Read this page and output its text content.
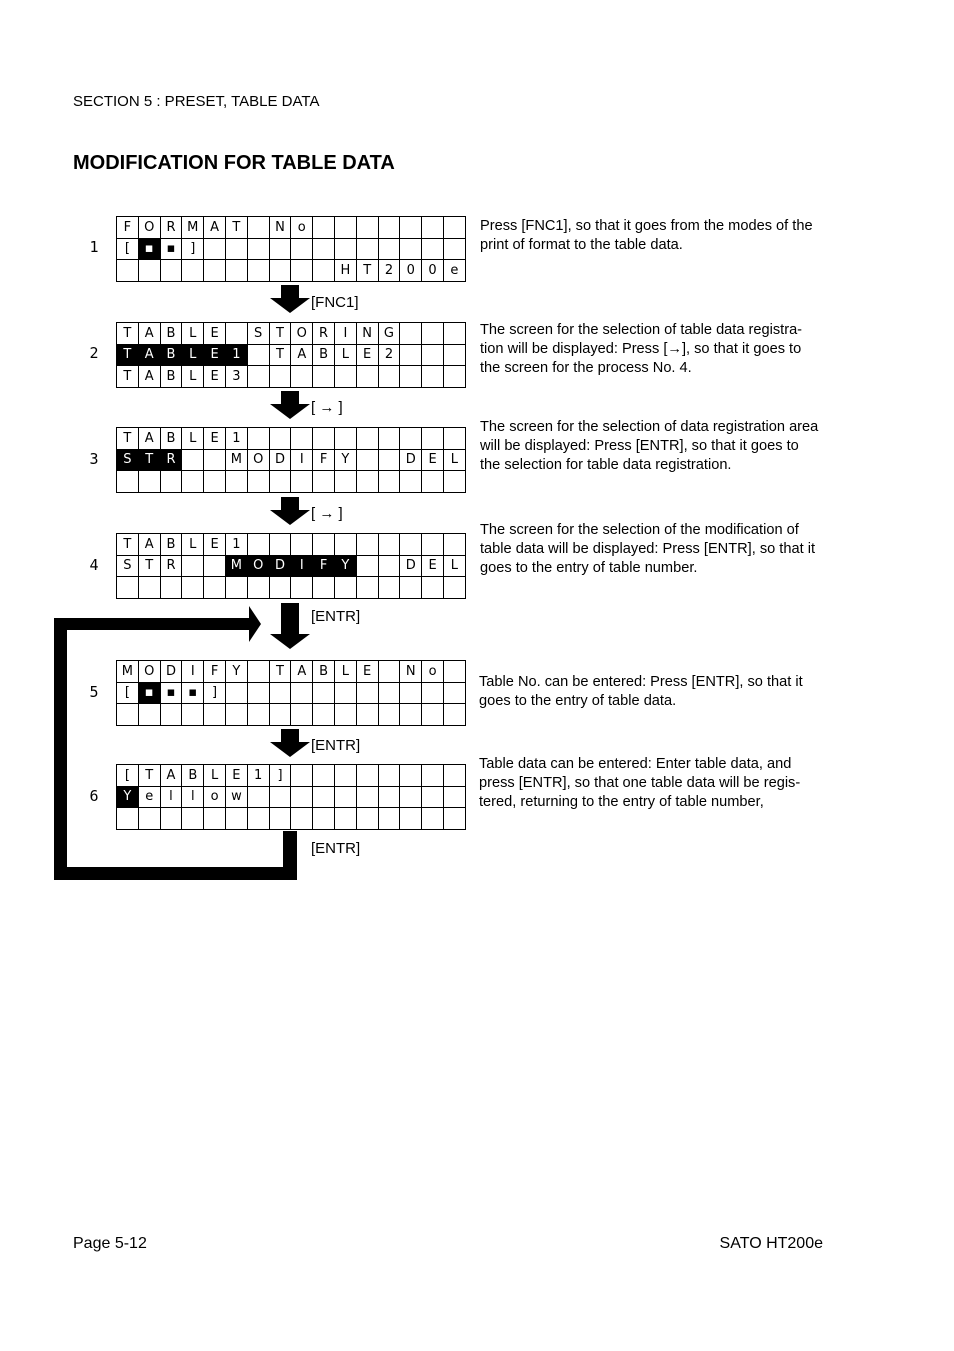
SECTION 5 : PRESET, TABLE DATA
MODIFICATION FOR TABLE DATA
1
F O R M A	T	N o
[	▪ ▪	]
H T	2	0	0	e

Press [FNC1], so that it goes from the modes of the print of format to the table data.

[FNC1]
2
T	A B	L	E	S	T O R	I	N G
T	A B	L	E	1	T	A B	L	E	2
T	A B	L	E	3

The screen for the selection of table data registra-tion will be displayed: Press [→], so that it goes to the screen for the process No. 4.

[ → ]
3
T	A B	L	E	1
S	T	R	M O D	I	F	Y	D E	L

The screen for the selection of data registration area will be displayed: Press [ENTR], so that it goes to the selection for table data registration.

[ → ]
4
T	A B	L	E	1
S	T	R	M O D	I	F	Y	D E	L

The screen for the selection of the modification of table data will be displayed: Press [ENTR], so that it goes to the entry of table number.

[ENTR]
5
M O D	I	F	Y	T	A B	L	E	N o
[	▪ ▪ ▪	]

Table No. can be entered: Press [ENTR], so that it goes to the entry of table data.

[ENTR]
6
[	T	A B	L	E	1	]
Y	e	l	l	o w

Table data can be entered: Enter table data, and press [ENTR], so that one table data will be regis-tered, returning to the entry of table number,

[ENTR]
Page 5-12	SATO HT200e
